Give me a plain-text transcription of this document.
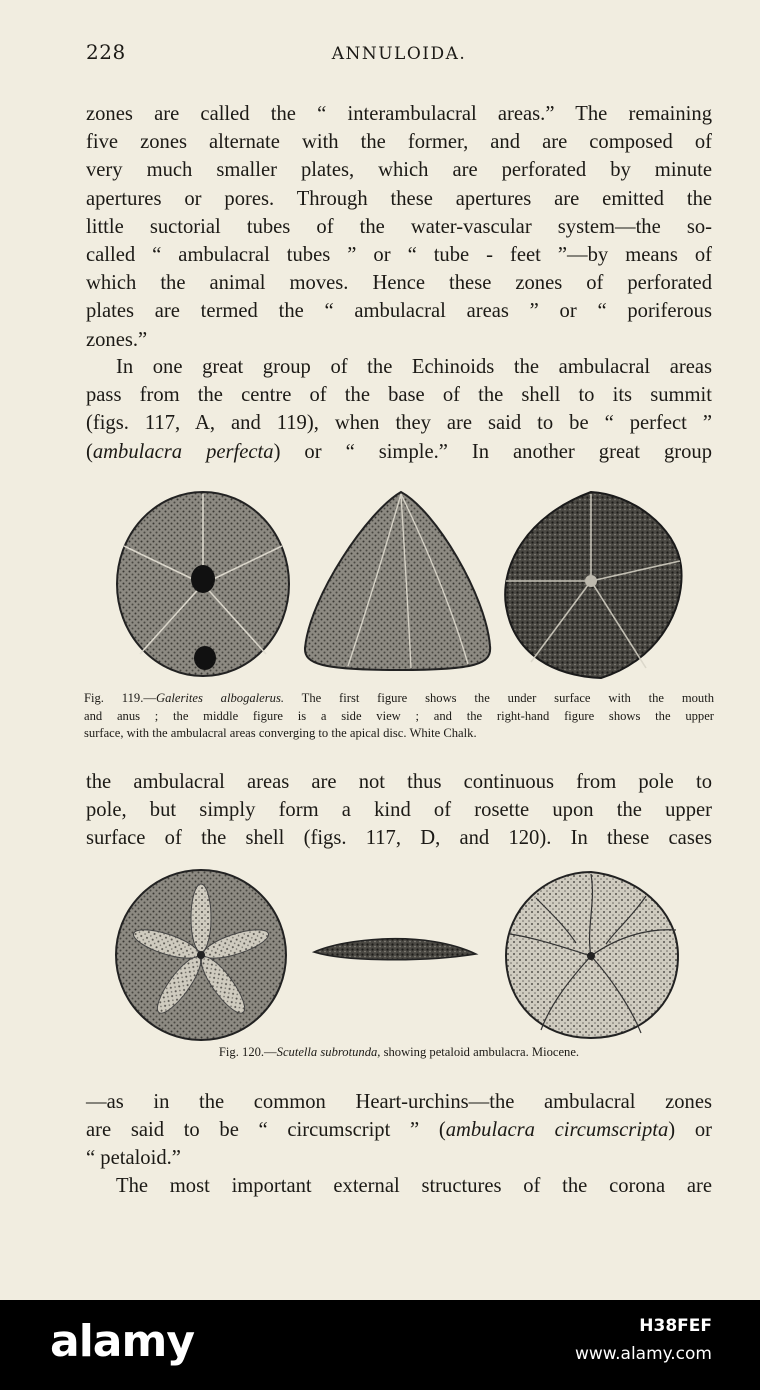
228	ANNULOIDA.

zones are called the “ interambulacral areas.” The remaining
five zones alternate with the former, and are composed of
very much smaller plates, which are perforated by minute
apertures or pores. Through these apertures are emitted the
little suctorial tubes of the water-vascular system—the so-
called “ ambulacral tubes ” or “ tube - feet ”—by means of
which the animal moves. Hence these zones of perforated
plates are termed the “ ambulacral areas ” or “ poriferous
zones.”

In one great group of the Echinoids the ambulacral areas
pass from the centre of the base of the shell to its summit
(figs. 117, A, and 119), when they are said to be “ perfect ”
(ambulacra perfecta) or “ simple.” In another great group

Fig. 119.—Galerites albogalerus. The first figure shows the under surface with the mouth
and anus ; the middle figure is a side view ; and the right-hand figure shows the upper
surface, with the ambulacral areas converging to the apical disc. White Chalk.

the ambulacral areas are not thus continuous from pole to
pole, but simply form a kind of rosette upon the upper
surface of the shell (figs. 117, D, and 120). In these cases

Fig. 120.—Scutella subrotunda, showing petaloid ambulacra. Miocene.

—as in the common Heart-urchins—the ambulacral zones
are said to be “ circumscript ” (ambulacra circumscripta) or
“ petaloid.”

The most important external structures of the corona are

alamy	H38FEF
www.alamy.com
